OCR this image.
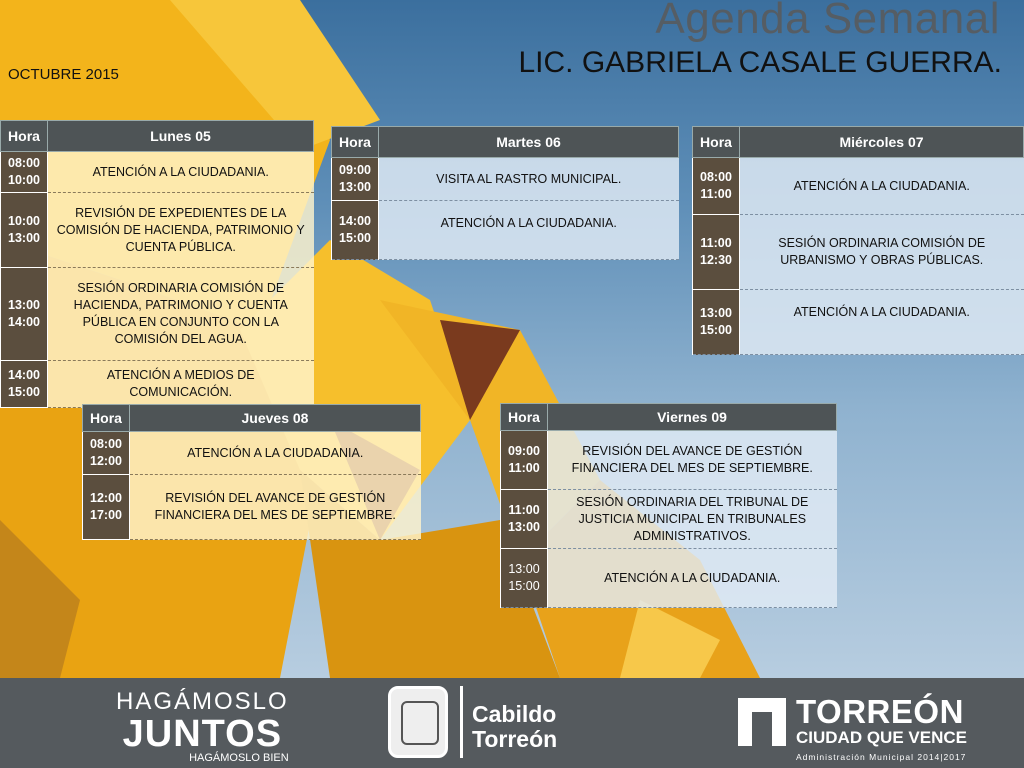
Agenda Semanal
LIC. GABRIELA CASALE GUERRA.
OCTUBRE 2015
Hora	Lunes 05
08:00
10:00	ATENCIÓN A LA CIUDADANIA.
10:00
13:00	REVISIÓN DE EXPEDIENTES DE LA COMISIÓN DE HACIENDA, PATRIMONIO Y CUENTA PÚBLICA.
13:00
14:00	SESIÓN ORDINARIA COMISIÓN DE HACIENDA, PATRIMONIO Y CUENTA PÚBLICA EN CONJUNTO CON LA COMISIÓN DEL AGUA.
14:00
15:00	ATENCIÓN A MEDIOS DE COMUNICACIÓN.
Hora	Martes 06
09:00
13:00	VISITA AL RASTRO MUNICIPAL.
14:00
15:00	ATENCIÓN A LA CIUDADANIA.
Hora	Miércoles 07
08:00
11:00	ATENCIÓN A LA CIUDADANIA.
11:00
12:30	SESIÓN ORDINARIA COMISIÓN DE URBANISMO Y OBRAS PÚBLICAS.
13:00
15:00	ATENCIÓN A LA CIUDADANIA.
Hora	Jueves 08
08:00
12:00	ATENCIÓN A LA CIUDADANIA.
12:00
17:00	REVISIÓN DEL AVANCE DE GESTIÓN FINANCIERA DEL MES DE SEPTIEMBRE.
Hora	Viernes 09
09:00
11:00	REVISIÓN DEL AVANCE DE GESTIÓN FINANCIERA DEL MES DE SEPTIEMBRE.
11:00
13:00	SESIÓN ORDINARIA DEL TRIBUNAL DE JUSTICIA MUNICIPAL EN TRIBUNALES ADMINISTRATIVOS.
13:00
15:00	ATENCIÓN A LA CIUDADANIA.
HAGÁMOSLO
JUNTOS
HAGÁMOSLO BIEN
Cabildo
Torreón
TORREÓN
CIUDAD QUE VENCE
Administración Municipal 2014|2017
